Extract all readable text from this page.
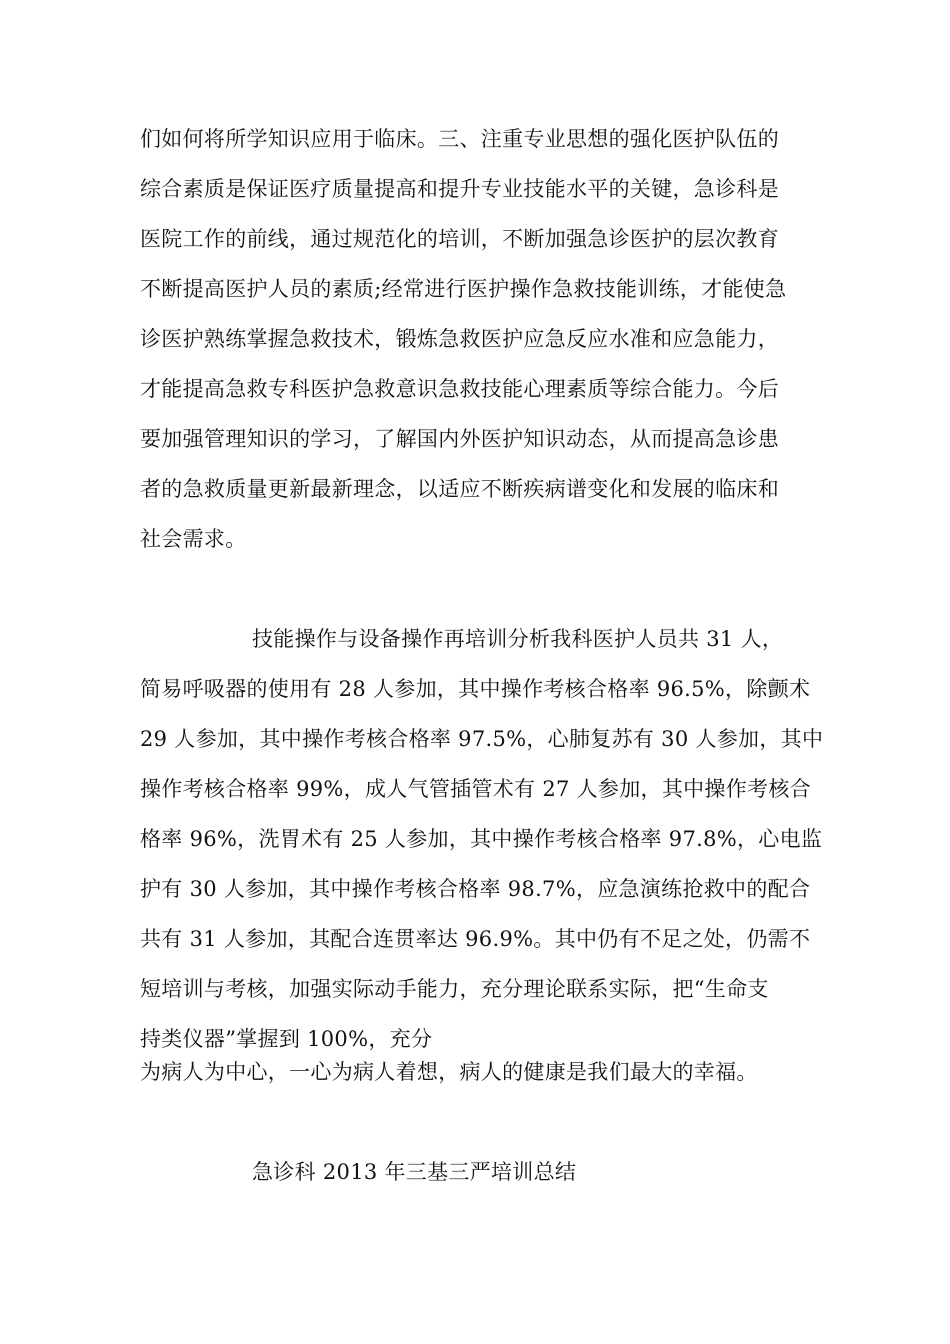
们如何将所学知识应用于临床。三、注重专业思想的强化医护队伍的
综合素质是保证医疗质量提高和提升专业技能水平的关键，急诊科是
医院工作的前线，通过规范化的培训，不断加强急诊医护的层次教育
不断提高医护人员的素质;经常进行医护操作急救技能训练，才能使急
诊医护熟练掌握急救技术，锻炼急救医护应急反应水准和应急能力，
才能提高急救专科医护急救意识急救技能心理素质等综合能力。今后
要加强管理知识的学习，了解国内外医护知识动态，从而提高急诊患
者的急救质量更新最新理念，以适应不断疾病谱变化和发展的临床和
社会需求。
技能操作与设备操作再培训分析我科医护人员共 31 人，
简易呼吸器的使用有 28 人参加，其中操作考核合格率 96.5%，除颤术
29 人参加，其中操作考核合格率 97.5%，心肺复苏有 30 人参加，其中
操作考核合格率 99%，成人气管插管术有 27 人参加，其中操作考核合
格率 96%，洗胃术有 25 人参加，其中操作考核合格率 97.8%，心电监
护有 30 人参加，其中操作考核合格率 98.7%，应急演练抢救中的配合
共有 31 人参加，其配合连贯率达 96.9%。其中仍有不足之处，仍需不
短培训与考核，加强实际动手能力，充分理论联系实际，把“生命支
持类仪器”掌握到 100%，充分
为病人为中心，一心为病人着想，病人的健康是我们最大的幸福。
急诊科 2013 年三基三严培训总结
